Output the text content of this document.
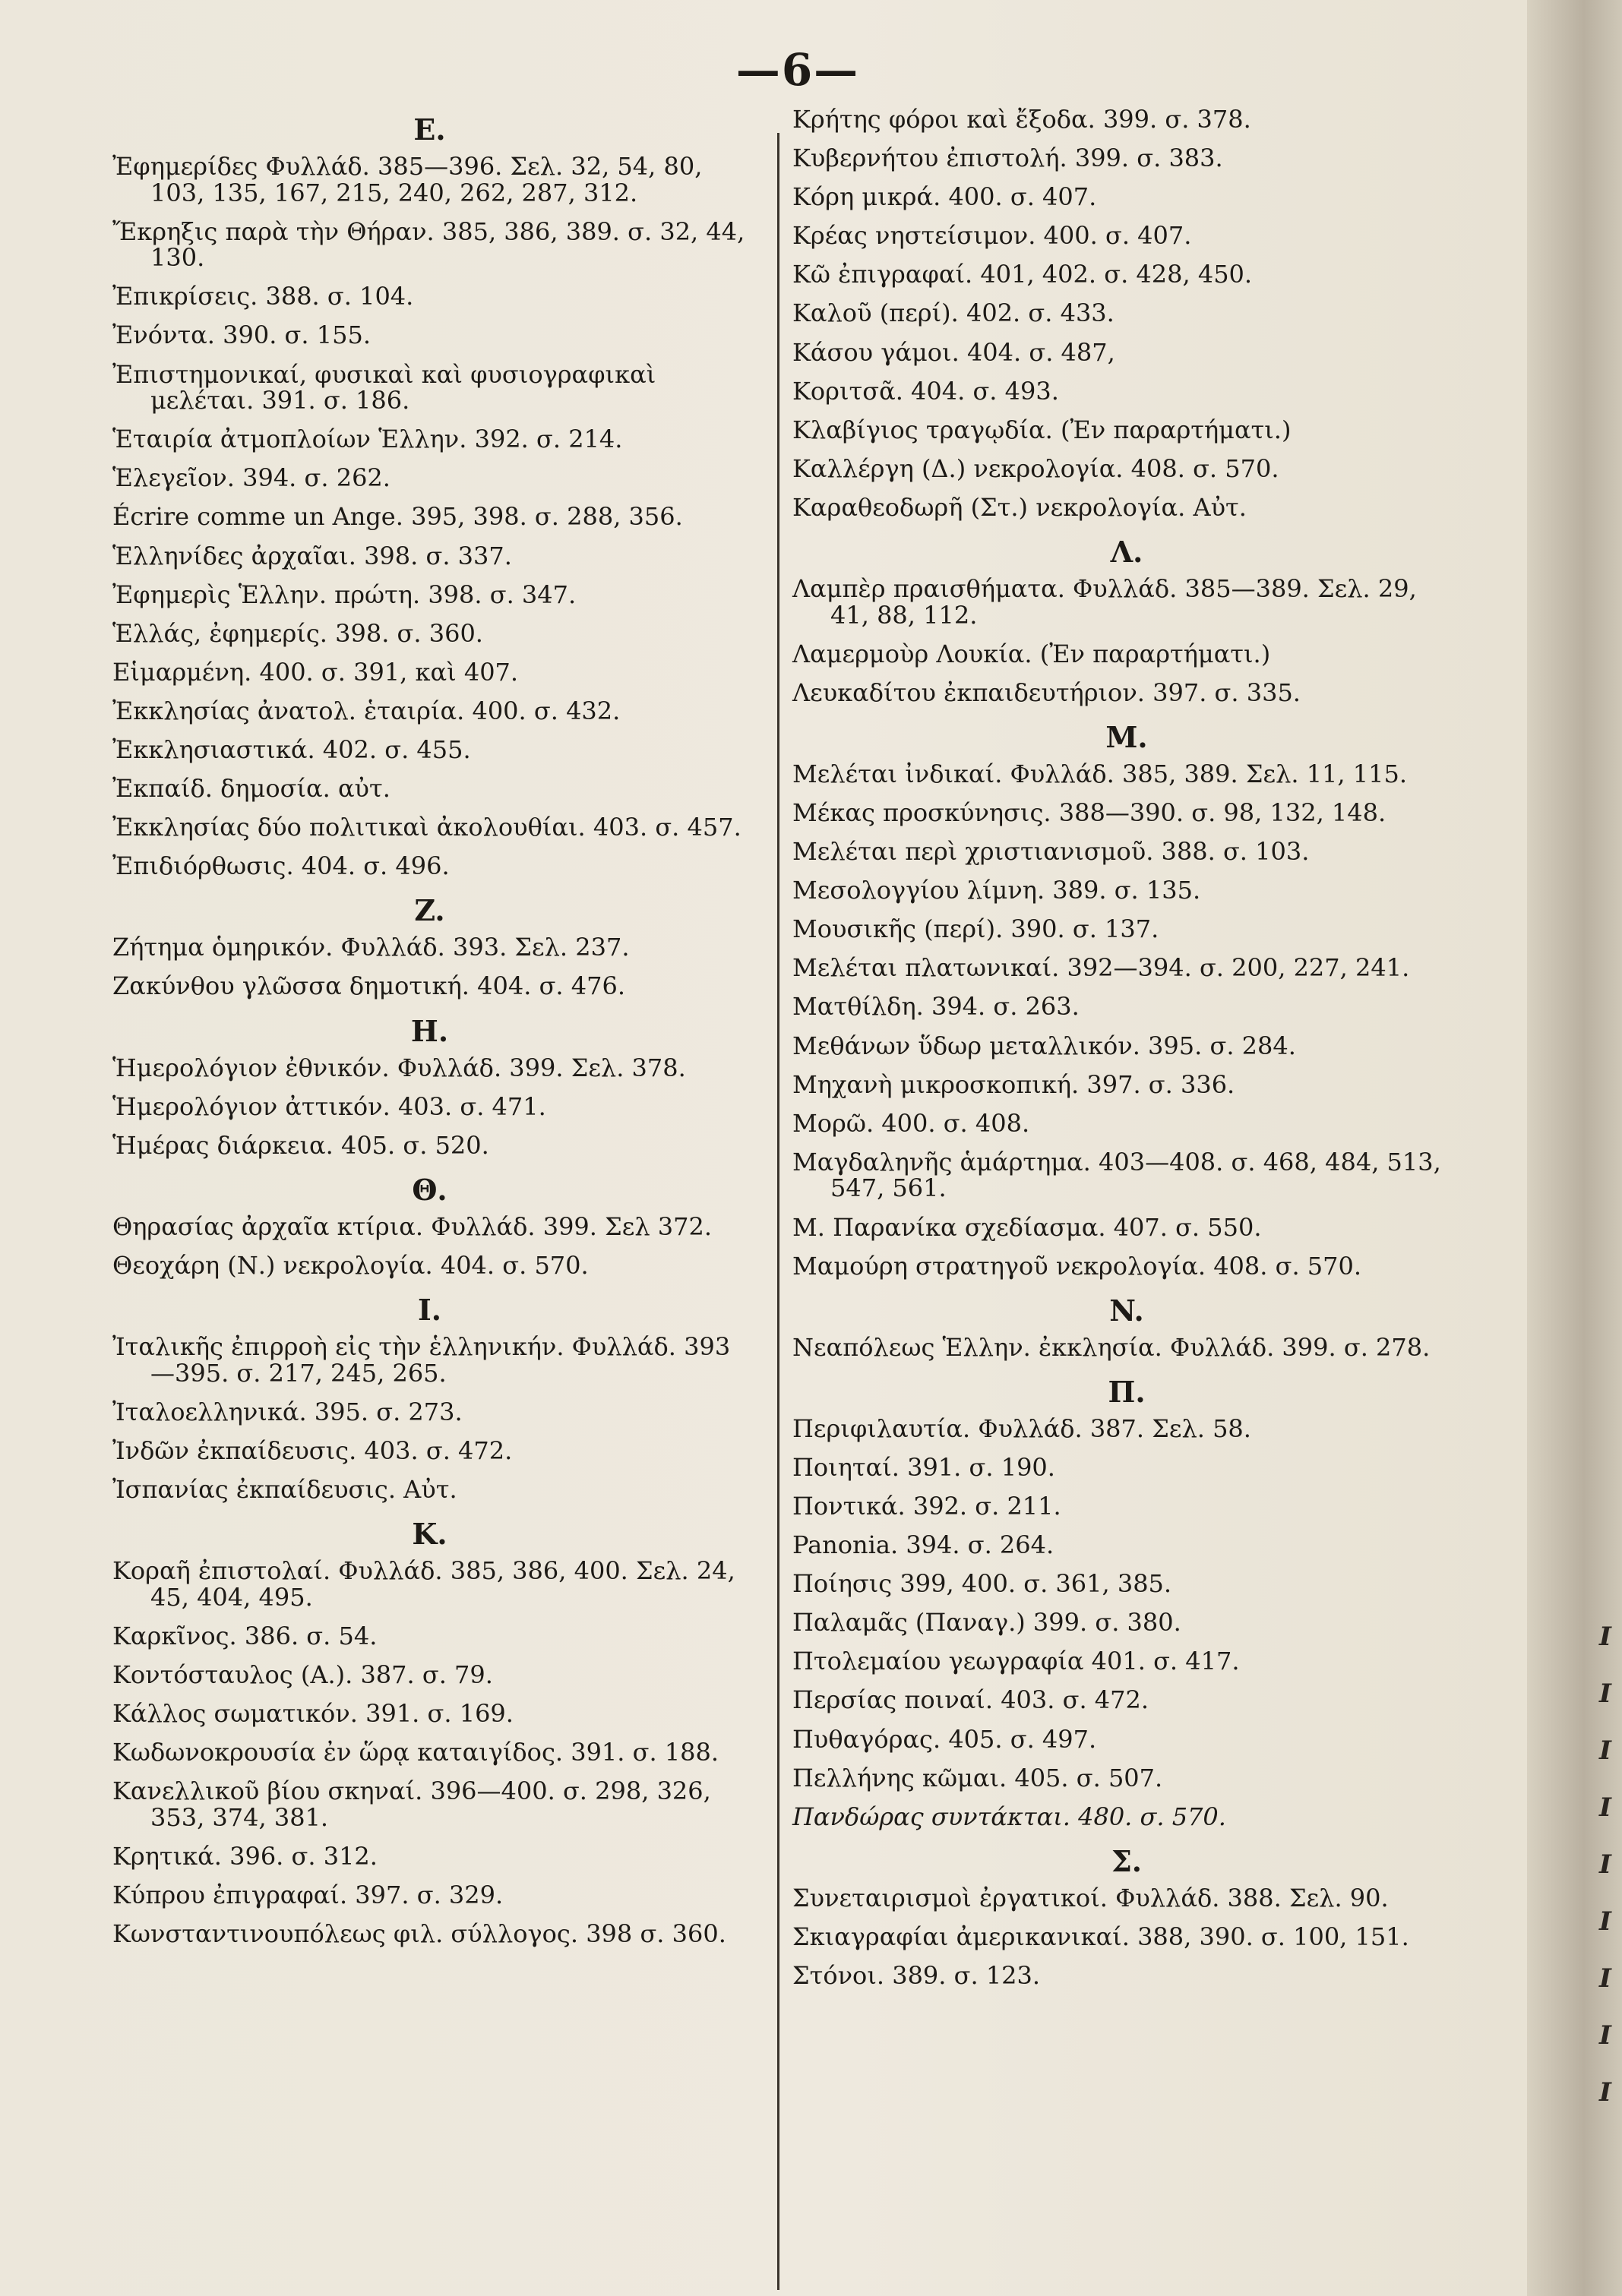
—6—
E.
Ἐφημερίδες Φυλλάδ. 385—396. Σελ. 32, 54, 80, 103, 135, 167, 215, 240, 262, 287, 312.
Ἔκρηξις παρὰ τὴν Θήραν. 385, 386, 389. σ. 32, 44, 130.
Ἐπικρίσεις. 388. σ. 104.
Ἐνόντα. 390. σ. 155.
Ἐπιστημονικαί, φυσικαὶ καὶ φυσιογραφικαὶ μελέται. 391. σ. 186.
Ἑταιρία ἀτμοπλοίων Ἑλλην. 392. σ. 214.
Ἑλεγεῖον. 394. σ. 262.
Écrire comme un Ange. 395, 398. σ. 288, 356.
Ἑλληνίδες ἀρχαῖαι. 398. σ. 337.
Ἐφημερὶς Ἑλλην. πρώτη. 398. σ. 347.
Ἑλλάς, ἐφημερίς. 398. σ. 360.
Εἱμαρμένη. 400. σ. 391, καὶ 407.
Ἐκκλησίας ἀνατολ. ἑταιρία. 400. σ. 432.
Ἐκκλησιαστικά. 402. σ. 455.
Ἐκπαίδ. δημοσία. αὐτ.
Ἐκκλησίας δύο πολιτικαὶ ἀκολουθίαι. 403. σ. 457.
Ἐπιδιόρθωσις. 404. σ. 496.
Z.
Ζήτημα ὁμηρικόν. Φυλλάδ. 393. Σελ. 237.
Ζακύνθου γλῶσσα δημοτική. 404. σ. 476.
H.
Ἡμερολόγιον ἐθνικόν. Φυλλάδ. 399. Σελ. 378.
Ἡμερολόγιον ἀττικόν. 403. σ. 471.
Ἡμέρας διάρκεια. 405. σ. 520.
Θ.
Θηρασίας ἀρχαῖα κτίρια. Φυλλάδ. 399. Σελ 372.
Θεοχάρη (Ν.) νεκρολογία. 404. σ. 570.
I.
Ἰταλικῆς ἐπιρροὴ εἰς τὴν ἑλληνικήν. Φυλλάδ. 393 —395. σ. 217, 245, 265.
Ἰταλοελληνικά. 395. σ. 273.
Ἰνδῶν ἐκπαίδευσις. 403. σ. 472.
Ἰσπανίας ἐκπαίδευσις. Αὐτ.
K.
Κοραῆ ἐπιστολαί. Φυλλάδ. 385, 386, 400. Σελ. 24, 45, 404, 495.
Καρκῖνος. 386. σ. 54.
Κοντόσταυλος (Α.). 387. σ. 79.
Κάλλος σωματικόν. 391. σ. 169.
Κωδωνοκρουσία ἐν ὥρᾳ καταιγίδος. 391. σ. 188.
Κανελλικοῦ βίου σκηναί. 396—400. σ. 298, 326, 353, 374, 381.
Κρητικά. 396. σ. 312.
Κύπρου ἐπιγραφαί. 397. σ. 329.
Κωνσταντινουπόλεως φιλ. σύλλογος. 398 σ. 360.
Κρήτης φόροι καὶ ἔξοδα. 399. σ. 378.
Κυβερνήτου ἐπιστολή. 399. σ. 383.
Κόρη μικρά. 400. σ. 407.
Κρέας νηστείσιμον. 400. σ. 407.
Κῶ ἐπιγραφαί. 401, 402. σ. 428, 450.
Καλοῦ (περί). 402. σ. 433.
Κάσου γάμοι. 404. σ. 487,
Κοριτσᾶ. 404. σ. 493.
Κλαβίγιος τραγῳδία. (Ἐν παραρτήματι.)
Καλλέργη (Δ.) νεκρολογία. 408. σ. 570.
Καραθεοδωρῆ (Στ.) νεκρολογία. Αὐτ.
Λ.
Λαμπὲρ πραισθήματα. Φυλλάδ. 385—389. Σελ. 29, 41, 88, 112.
Λαμερμοὺρ Λουκία. (Ἐν παραρτήματι.)
Λευκαδίτου ἐκπαιδευτήριον. 397. σ. 335.
M.
Μελέται ἰνδικαί. Φυλλάδ. 385, 389. Σελ. 11, 115.
Μέκας προσκύνησις. 388—390. σ. 98, 132, 148.
Μελέται περὶ χριστιανισμοῦ. 388. σ. 103.
Μεσολογγίου λίμνη. 389. σ. 135.
Μουσικῆς (περί). 390. σ. 137.
Μελέται πλατωνικαί. 392—394. σ. 200, 227, 241.
Ματθίλδη. 394. σ. 263.
Μεθάνων ὕδωρ μεταλλικόν. 395. σ. 284.
Μηχανὴ μικροσκοπική. 397. σ. 336.
Μορῶ. 400. σ. 408.
Μαγδαληνῆς ἁμάρτημα. 403—408. σ. 468, 484, 513, 547, 561.
Μ. Παρανίκα σχεδίασμα. 407. σ. 550.
Μαμούρη στρατηγοῦ νεκρολογία. 408. σ. 570.
N.
Νεαπόλεως Ἑλλην. ἐκκλησία. Φυλλάδ. 399. σ. 278.
Π.
Περιφιλαυτία. Φυλλάδ. 387. Σελ. 58.
Ποιηταί. 391. σ. 190.
Ποντικά. 392. σ. 211.
Panonia. 394. σ. 264.
Ποίησις 399, 400. σ. 361, 385.
Παλαμᾶς (Παναγ.) 399. σ. 380.
Πτολεμαίου γεωγραφία 401. σ. 417.
Περσίας ποιναί. 403. σ. 472.
Πυθαγόρας. 405. σ. 497.
Πελλήνης κῶμαι. 405. σ. 507.
Πανδώρας συντάκται. 480. σ. 570.
Σ.
Συνεταιρισμοὶ ἐργατικοί. Φυλλάδ. 388. Σελ. 90.
Σκιαγραφίαι ἀμερικανικαί. 388, 390. σ. 100, 151.
Στόνοι. 389. σ. 123.
I
I
I
I
I
I
I
I
I
